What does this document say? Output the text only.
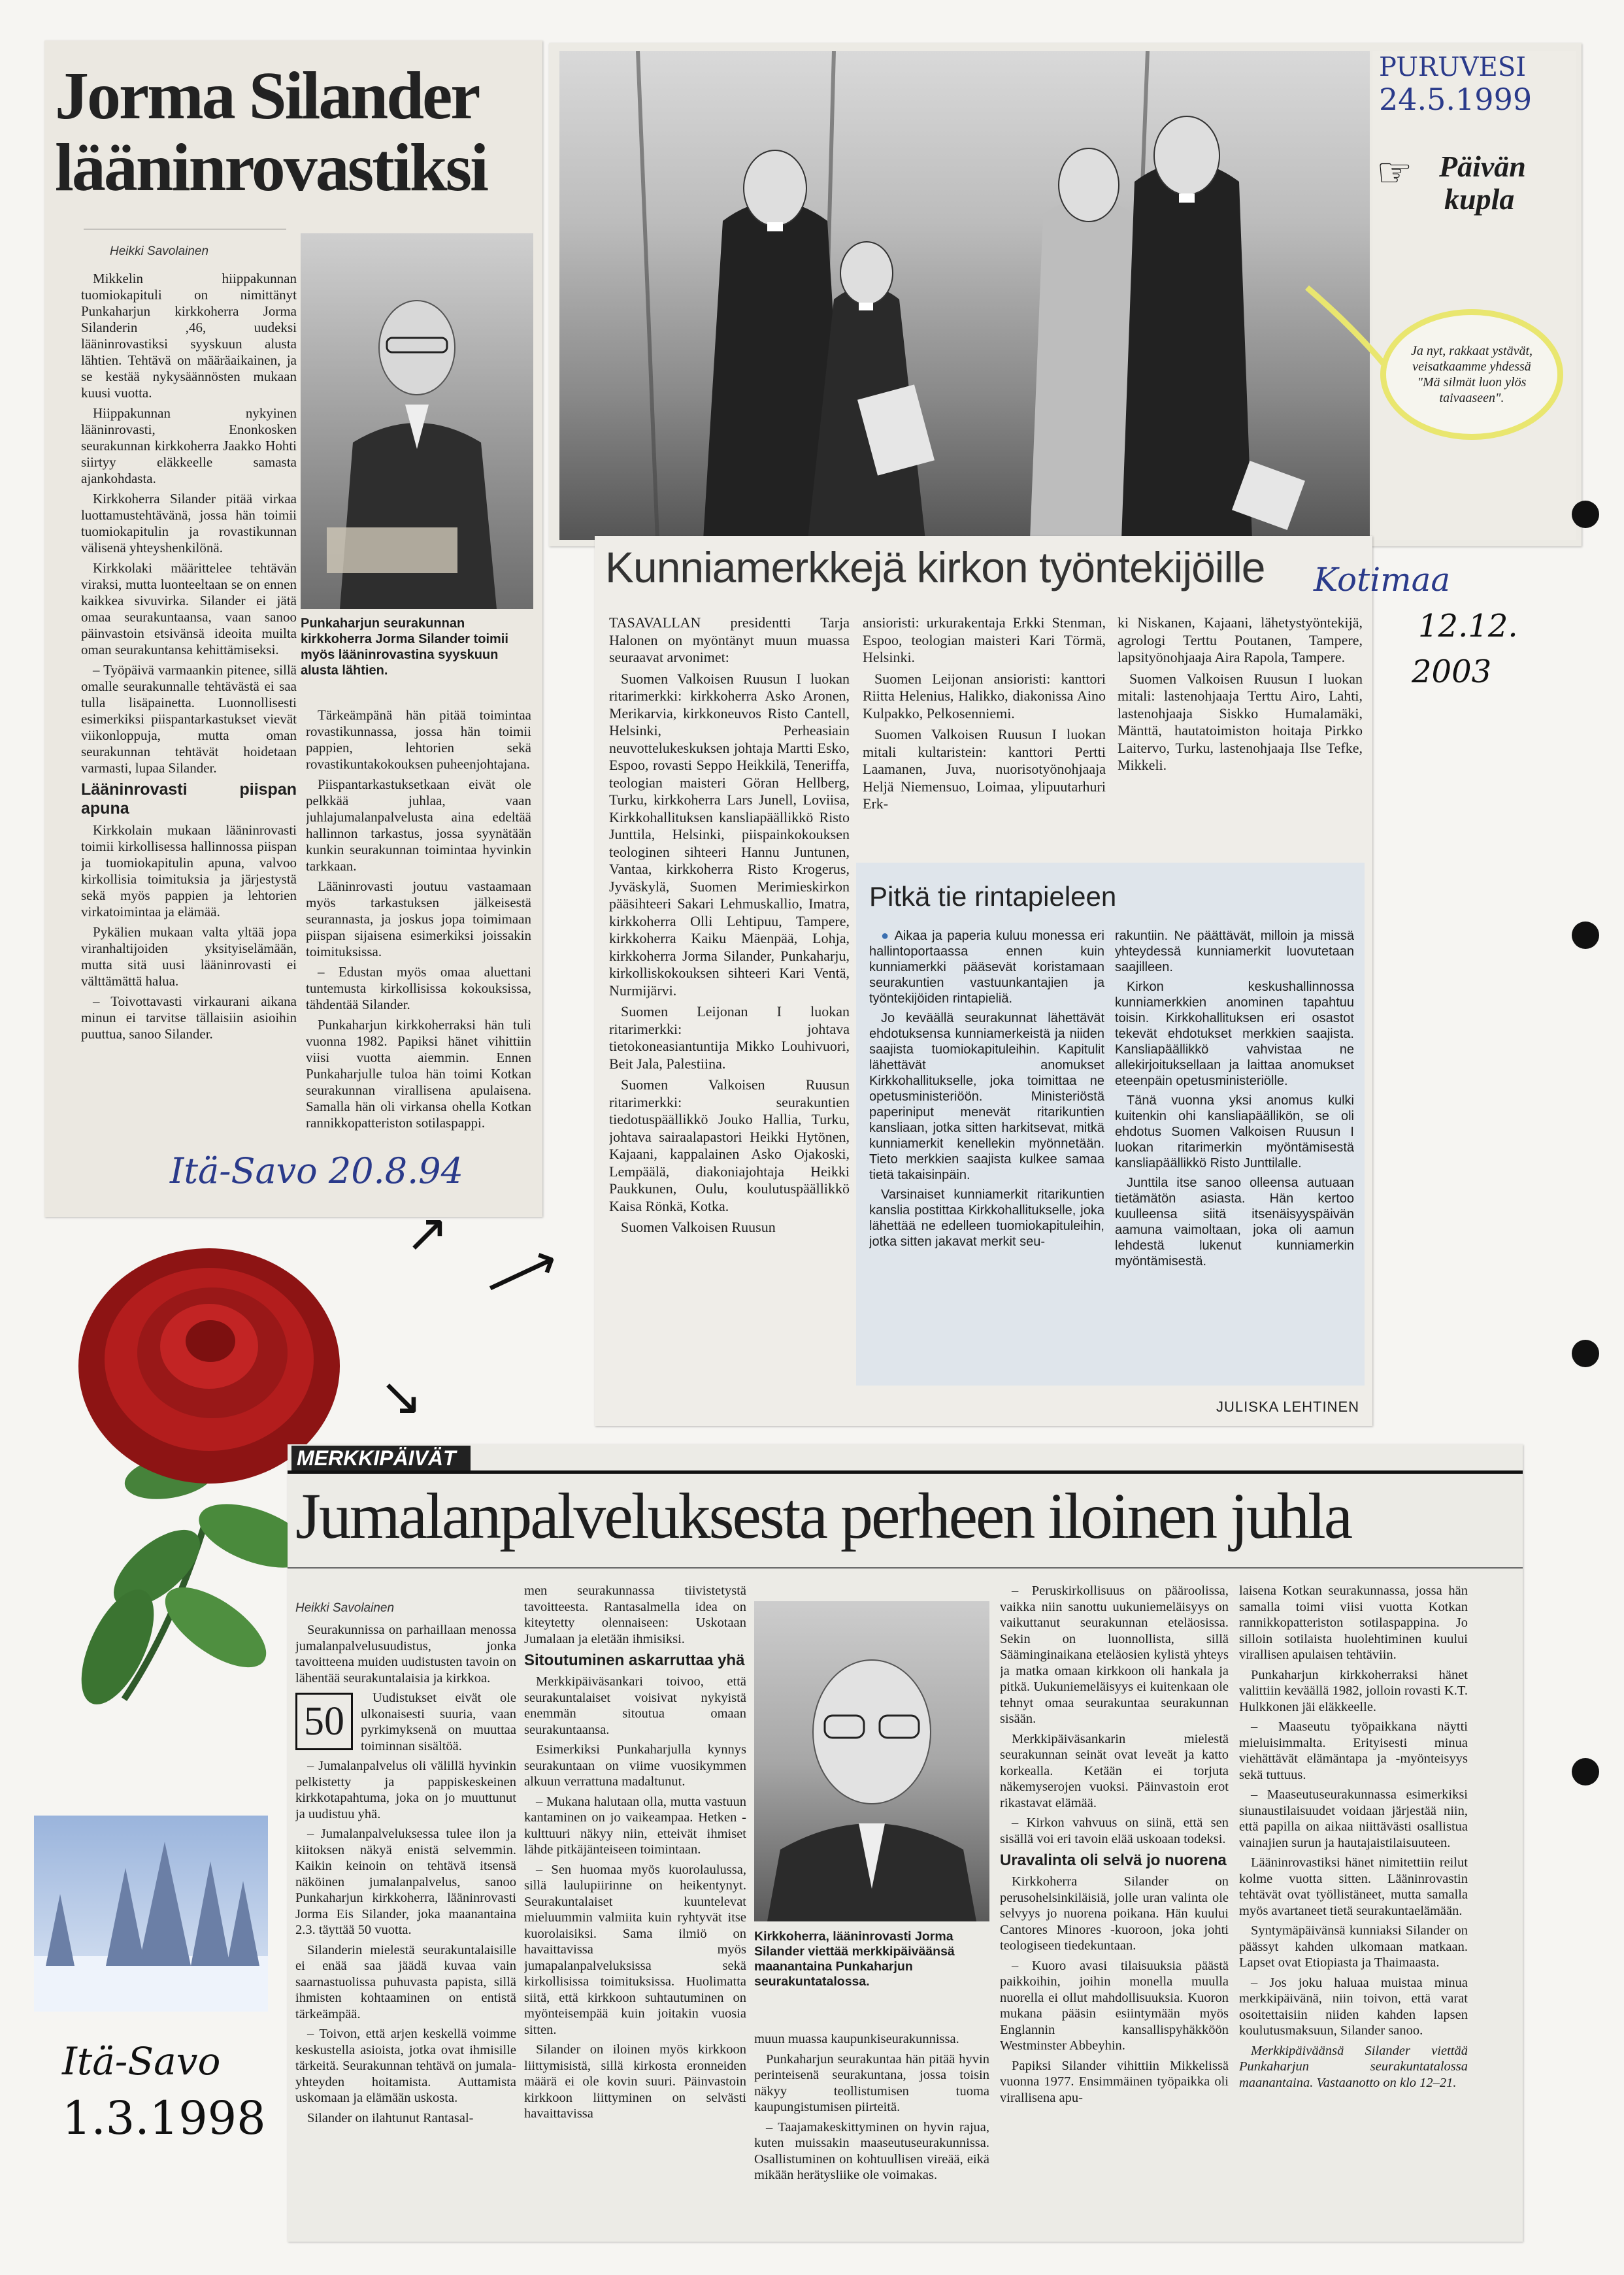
Jorma Silander
lääninrovastiksi
Heikki Savolainen

Mikkelin hiippakunnan tuomiokapituli on nimittänyt Punkaharjun kirkkoherra Jorma Silanderin ,46, uudeksi lääninrovastiksi syyskuun alusta lähtien. Tehtävä on määräaikainen, ja se kestää nykysäännösten mukaan kuusi vuotta.

Hiippakunnan nykyinen lääninrovasti, Enonkosken seurakunnan kirkkoherra Jaakko Hohti siirtyy eläkkeelle samasta ajankohdasta.

Kirkkoherra Silander pitää virkaa luottamustehtävänä, jossa hän toimii tuomiokapitulin ja rovastikunnan välisenä yhteyshenkilönä.

Kirkkolaki määrittelee tehtävän viraksi, mutta luonteeltaan se on ennen kaikkea sivuvirka. Silander ei jätä omaa seurakuntaansa, vaan sanoo päinvastoin etsivänsä ideoita muilta oman seurakuntansa kehittämiseksi.

– Työpäivä varmaankin pitenee, sillä omalle seurakunnalle tehtävästä ei saa tulla lisäpainetta. Luonnollisesti esimerkiksi piispantarkastukset vievät viikonloppuja, mutta oman seurakunnan tehtävät hoidetaan varmasti, lupaa Silander.

Lääninrovasti piispan apuna

Kirkkolain mukaan lääninrovasti toimii kirkollisessa hallinnossa piispan ja tuomiokapitulin apuna, valvoo kirkollisia toimituksia ja järjestystä sekä myös pappien ja lehtorien virkatoimintaa ja elämää.

Pykälien mukaan valta yltää jopa viranhaltijoiden yksityiselämään, mutta sitä uusi lääninrovasti ei välttämättä halua.

– Toivottavasti virkaurani aikana minun ei tarvitse tällaisiin asioihin puuttua, sanoo Silander.

Punkaharjun seurakunnan kirkkoherra Jorma Silander toimii myös lääninrovastina syyskuun alusta lähtien.

Tärkeämpänä hän pitää toimintaa rovastikunnassa, jossa hän toimii pappien, lehtorien sekä rovastikuntakokouksen puheenjohtajana.

Piispantarkastuksetkaan eivät ole pelkkää juhlaa, vaan juhlajumalanpalvelusta aina edeltää hallinnon tarkastus, jossa syynätään kunkin seurakunnan toimintaa hyvinkin tarkkaan.

Lääninrovasti joutuu vastaamaan myös tarkastuksen jälkeisestä seurannasta, ja joskus jopa toimimaan piispan sijaisena esimerkiksi joissakin toimituksissa.

– Edustan myös omaa aluettani tuntemusta kirkollisissa kokouksissa, tähdentää Silander.

Punkaharjun kirkkoherraksi hän tuli vuonna 1982. Papiksi hänet vihittiin viisi vuotta aiemmin. Ennen Punkaharjulle tuloa hän toimi Kotkan seurakunnan virallisena apulaisena. Samalla hän oli virkansa ohella Kotkan rannikkopatteriston sotilaspappi.

Itä-Savo 20.8.94
☞ Päivän
kupla
Ja nyt, rakkaat ystävät, veisatkaamme yhdessä "Mä silmät luon ylös taivaaseen".
PURUVESI
24.5.1999
Kunniamerkkejä kirkon työntekijöille

TASAVALLAN presidentti Tarja Halonen on myöntänyt muun muassa seuraavat arvonimet:

Suomen Valkoisen Ruusun I luokan ritarimerkki: kirkkoherra Asko Aronen, Merikarvia, kirkkoneuvos Risto Cantell, Helsinki, Perheasiain neuvottelukeskuksen johtaja Martti Esko, Espoo, rovasti Seppo Heikkilä, Teneriffa, teologian maisteri Göran Hellberg, Turku, kirkkoherra Lars Junell, Loviisa, Kirkkohallituksen kansliapäällikkö Risto Junttila, Helsinki, piispainkokouksen teologinen sihteeri Hannu Juntunen, Vantaa, kirkkoherra Risto Krogerus, Jyväskylä, Suomen Merimieskirkon pääsihteeri Sakari Lehmuskallio, Imatra, kirkkoherra Olli Lehtipuu, Tampere, kirkkoherra Kaiku Mäenpää, Lohja, kirkkoherra Jorma Silander, Punkaharju, kirkolliskokouksen sihteeri Kari Ventä, Nurmijärvi.

Suomen Leijonan I luokan ritarimerkki: johtava tietokoneasiantuntija Mikko Louhivuori, Beit Jala, Palestiina.

Suomen Valkoisen Ruusun ritarimerkki: seurakuntien tiedotuspäällikkö Jouko Hallia, Turku, johtava sairaalapastori Heikki Hytönen, Kajaani, kappalainen Asko Ojakoski, Lempäälä, diakoniajohtaja Heikki Paukkunen, Oulu, koulutuspäällikkö Kaisa Rönkä, Kotka.

Suomen Valkoisen Ruusun

ansioristi: urkurakentaja Erkki Stenman, Espoo, teologian maisteri Kari Törmä, Helsinki.

Suomen Leijonan ansioristi: kanttori Riitta Helenius, Halikko, diakonissa Aino Kulpakko, Pelkosenniemi.

Suomen Valkoisen Ruusun I luokan mitali kultaristein: kanttori Pertti Laamanen, Juva, nuorisotyönohjaaja Heljä Niemensuo, Loimaa, ylipuutarhuri Erk-

ki Niskanen, Kajaani, lähetystyöntekijä, agrologi Terttu Poutanen, Tampere, lapsityönohjaaja Aira Rapola, Tampere.

Suomen Valkoisen Ruusun I luokan mitali: lastenohjaaja Terttu Airo, Lahti, lastenohjaaja Siskko Humalamäki, Mänttä, hautatoimiston hoitaja Pirkko Laitervo, Turku, lastenohjaaja Ilse Tefke, Mikkeli.

Pitkä tie rintapieleen

● Aikaa ja paperia kuluu monessa eri hallintoportaassa ennen kuin kunniamerkki pääsevät koristamaan seurakuntien vastuunkantajien ja työntekijöiden rintapieliä.

Jo keväällä seurakunnat lähettävät ehdotuksensa kunniamerkeistä ja niiden saajista tuomiokapituleihin. Kapitulit lähettävät anomukset Kirkkohallitukselle, joka toimittaa ne opetusministeriöön. Ministeriöstä paperiniput menevät ritarikuntien kansliaan, jotka sitten harkitsevat, mitkä kunniamerkit kenellekin myönnetään. Tieto merkkien saajista kulkee samaa tietä takaisinpäin.

Varsinaiset kunniamerkit ritarikuntien kanslia postittaa Kirkkohallitukselle, joka lähettää ne edelleen tuomiokapituleihin, jotka sitten jakavat merkit seu-

rakuntiin. Ne päättävät, milloin ja missä yhteydessä kunniamerkit luovutetaan saajilleen.

Kirkon keskushallinnossa kunniamerkkien anominen tapahtuu toisin. Kirkkohallituksen eri osastot tekevät ehdotukset merkkien saajista. Kansliapäällikkö vahvistaa ne allekirjoituksellaan ja laittaa anomukset eteenpäin opetusministeriölle.

Tänä vuonna yksi anomus kulki kuitenkin ohi kansliapäällikön, se oli ehdotus Suomen Valkoisen Ruusun I luokan ritarimerkin myöntämisestä kansliapäällikkö Risto Junttilalle.

Junttila itse sanoo olleensa autuaan tietämätön asiasta. Hän kertoo kuulleensa siitä itsenäisyyspäivän aamuna vaimoltaan, joka oli aamun lehdestä lukenut kunniamerkin myöntämisestä.

JULISKA LEHTINEN
Kotimaa
12.12.
2003
↗ ⟶
↘
MERKKIPÄIVÄT
Jumalanpalveluksesta perheen iloinen juhla
Heikki Savolainen

Seurakunnissa on parhaillaan menossa jumalanpalvelusuudistus, jonka tavoitteena muiden uudistusten tavoin on lähentää seurakuntalaisia ja kirkkoa.

50

Uudistukset eivät ole ulkonaisesti suuria, vaan pyrkimyksenä on muuttaa toiminnan sisältöä.

– Jumalanpalvelus oli välillä hyvinkin pelkistetty ja pappiskeskeinen kirkkotapahtuma, joka on jo muuttunut ja uudistuu yhä.

– Jumalanpalveluksessa tulee ilon ja kiitoksen näkyä enistä selvemmin. Kaikin keinoin on tehtävä itsensä näköinen jumalanpalvelus, sanoo Punkaharjun kirkkoherra, lääninrovasti Jorma Eis Silander, joka maanantaina 2.3. täyttää 50 vuotta.

Silanderin mielestä seurakuntalaisille ei enää saa jäädä kuvaa vain saarnastuolissa puhuvasta papista, sillä ihmisten kohtaaminen on entistä tärkeämpää.

– Toivon, että arjen keskellä voimme keskustella asioista, jotka ovat ihmisille tärkeitä. Seurakunnan tehtävä on jumala-yhteyden hoitamista. Auttamista uskomaan ja elämään uskosta.

Silander on ilahtunut Rantasal-

men seurakunnassa tiivistetystä tavoitteesta. Rantasalmella idea on kiteytetty olennaiseen: Uskotaan Jumalaan ja eletään ihmisiksi.

Sitoutuminen askarruttaa yhä

Merkkipäiväsankari toivoo, että seurakuntalaiset voisivat nykyistä enemmän sitoutua omaan seurakuntaansa.

Esimerkiksi Punkaharjulla kynnys seurakuntaan on viime vuosikymmen alkuun verrattuna madaltunut.

– Mukana halutaan olla, mutta vastuun kantaminen on jo vaikeampaa. Hetken -kulttuuri näkyy niin, etteivät ihmiset lähde pitkäjänteiseen toimintaan.

– Sen huomaa myös kuorolaulussa, sillä laulupiirinne on heikentynyt. Seurakuntalaiset kuuntelevat mieluummin valmiita kuin ryhtyvät itse kuorolaisiksi. Sama ilmiö on havaittavissa myös jumapalanpalveluksissa sekä kirkollisissa toimituksissa. Huolimatta siitä, että kirkkoon suhtautuminen on myönteisempää kuin joitakin vuosia sitten.

Silander on iloinen myös kirkkoon liittymisistä, sillä kirkosta eronneiden määrä ei ole kovin suuri. Päinvastoin kirkkoon liittyminen on selvästi havaittavissa

Kirkkoherra, lääninrovasti Jorma Silander viettää merkkipäiväänsä maanantaina Punkaharjun seurakuntatalossa.

muun muassa kaupunkiseurakunnissa.

Punkaharjun seurakuntaa hän pitää hyvin perinteisenä seurakuntana, jossa toisin näkyy teollistumisen tuoma kaupungistumisen piirteitä.

– Taajamakeskittyminen on hyvin rajua, kuten muissakin maaseutuseurakunnissa. Osallistuminen on kohtuullisen vireää, eikä mikään herätysliike ole voimakas.

– Peruskirkollisuus on pääroolissa, vaikka niin sanottu uukuniemeläisyys on vaikuttanut seurakunnan eteläosissa. Sekin on luonnollista, sillä Sääminginaikana eteläosien kylistä yhteys ja matka omaan kirkkoon oli hankala ja pitkä. Uukuniemeläisyys ei kuitenkaan ole tehnyt omaa seurakuntaa seurakunnan sisään.

Merkkipäiväsankarin mielestä seurakunnan seinät ovat leveät ja katto korkealla. Ketään ei torjuta näkemyserojen vuoksi. Päinvastoin erot rikastavat elämää.

– Kirkon vahvuus on siinä, että sen sisällä voi eri tavoin elää uskoaan todeksi.

Uravalinta oli selvä jo nuorena

Kirkkoherra Silander on perusohelsinkiläisiä, jolle uran valinta ole selvyys jo nuorena poikana. Hän kuului Cantores Minores -kuoroon, joka johti teologiseen tiedekuntaan.

– Kuoro avasi tilaisuuksia päästä paikkoihin, joihin monella muulla nuorella ei ollut mahdollisuuksia. Kuoron mukana pääsin esiintymään myös Englannin kansallispyhäkköön Westminster Abbeyhin.

Papiksi Silander vihittiin Mikkelissä vuonna 1977. Ensimmäinen työpaikka oli virallisena apu-

laisena Kotkan seurakunnassa, jossa hän samalla toimi viisi vuotta Kotkan rannikkopatteriston sotilaspappina. Jo silloin sotilaista huolehtiminen kuului virallisen apulaisen tehtäviin.

Punkaharjun kirkkoherraksi hänet valittiin keväällä 1982, jolloin rovasti K.T. Hulkkonen jäi eläkkeelle.

– Maaseutu työpaikkana näytti mieluisimmalta. Erityisesti minua viehättävät elämäntapa ja -myönteisyys sekä tuttuus.

– Maaseutuseurakunnassa esimerkiksi siunaustilaisuudet voidaan järjestää niin, että papilla on aikaa niittävästi osallistua vainajien surun ja hautajaistilaisuuteen.

Lääninrovastiksi hänet nimitettiin reilut kolme vuotta sitten. Lääninrovastin tehtävät ovat työllistäneet, mutta samalla myös avartaneet tietä seurakuntaelämään.

Syntymäpäivänsä kunniaksi Silander on päässyt kahden ulkomaan matkaan. Lapset ovat Etiopiasta ja Thaimaasta.

– Jos joku haluaa muistaa minua merkkipäivänä, niin toivon, että varat osoitettaisiin niiden kahden lapsen koulutusmaksuun, Silander sanoo.

Merkkipäiväänsä Silander viettää Punkaharjun seurakuntatalossa maanantaina. Vastaanotto on klo 12–21.

Itä-Savo
1.3.1998
